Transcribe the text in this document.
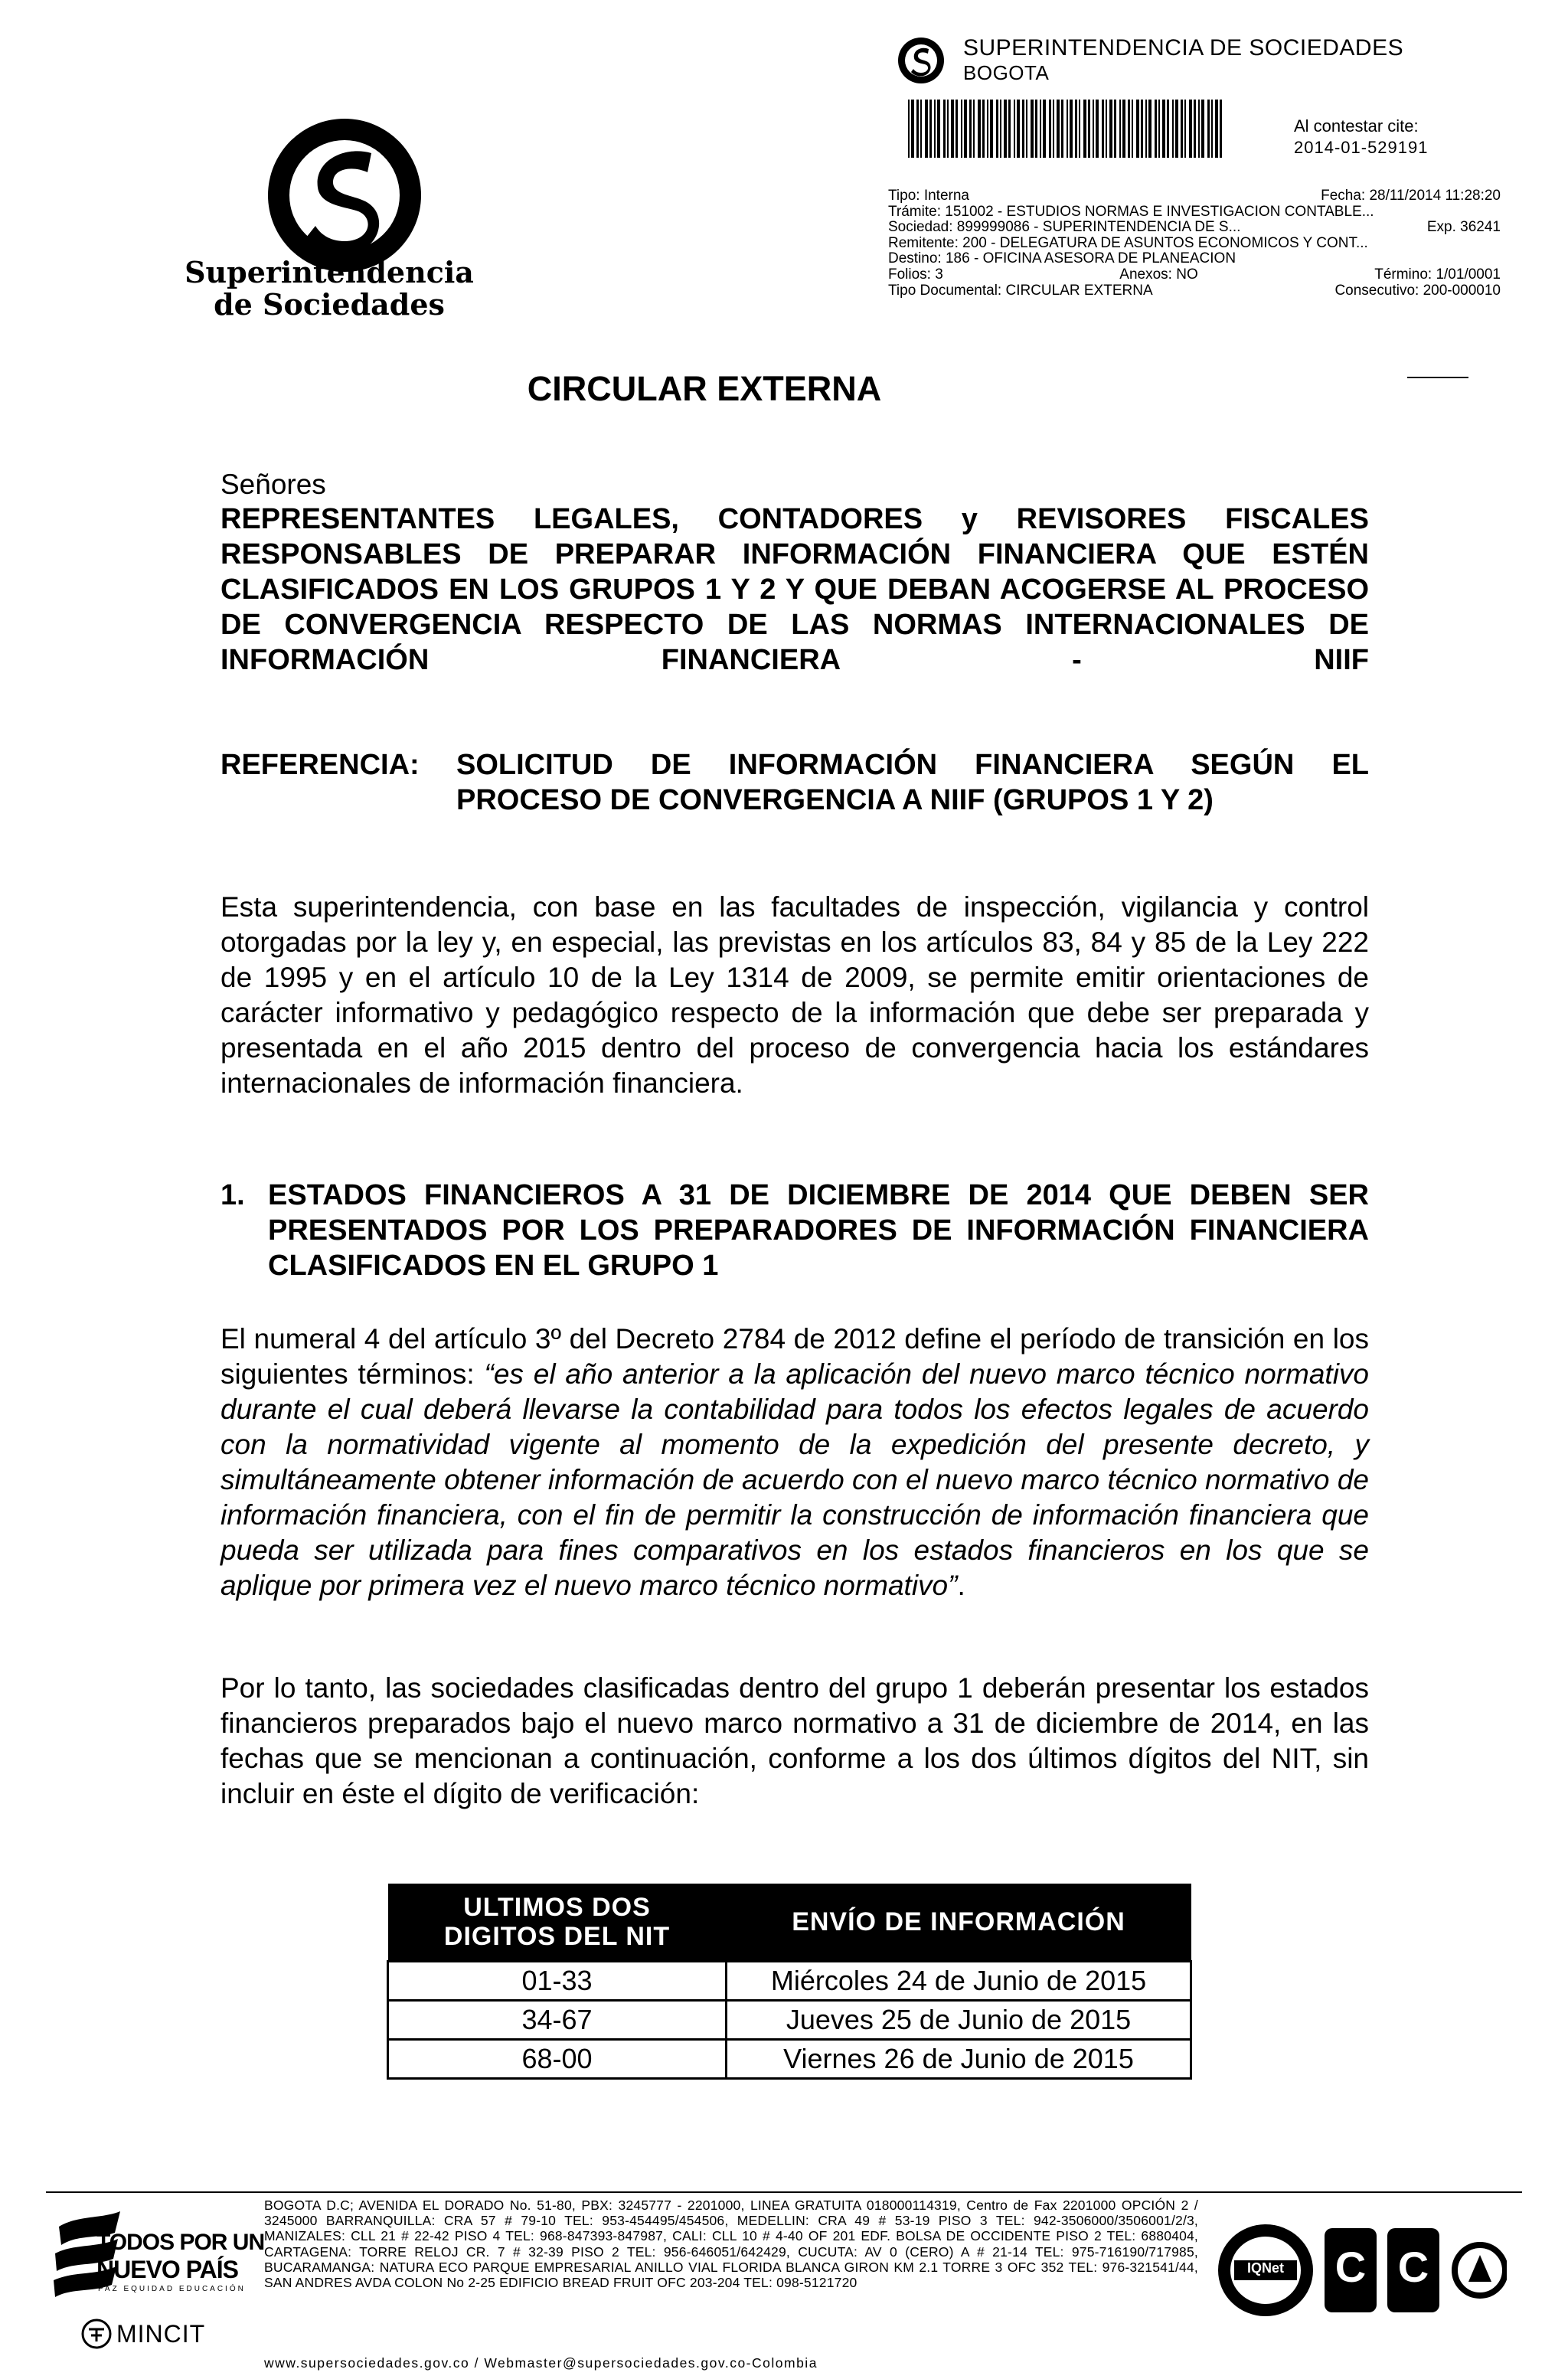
Superintendencia
de Sociedades
SUPERINTENDENCIA DE SOCIEDADES
BOGOTA
Al contestar cite:
2014-01-529191
Tipo: Interna	Fecha: 28/11/2014 11:28:20
Trámite: 151002 - ESTUDIOS NORMAS E INVESTIGACION CONTABLE...
Sociedad: 899999086 - SUPERINTENDENCIA DE S...	Exp. 36241
Remitente: 200 - DELEGATURA DE ASUNTOS ECONOMICOS Y CONT...
Destino: 186 - OFICINA ASESORA DE PLANEACION
Folios: 3	Anexos: NO	Término: 1/01/0001
Tipo Documental: CIRCULAR EXTERNA	Consecutivo: 200-000010
CIRCULAR EXTERNA
Señores

REPRESENTANTES LEGALES, CONTADORES y REVISORES FISCALES RESPONSABLES DE PREPARAR INFORMACIÓN FINANCIERA QUE ESTÉN CLASIFICADOS EN LOS GRUPOS 1 Y 2 Y QUE DEBAN ACOGERSE AL PROCESO DE CONVERGENCIA RESPECTO DE LAS NORMAS INTERNACIONALES DE INFORMACIÓN FINANCIERA - NIIF

REFERENCIA:	SOLICITUD DE INFORMACIÓN FINANCIERA SEGÚN EL PROCESO DE CONVERGENCIA A NIIF (GRUPOS 1 Y 2)

Esta superintendencia, con base en las facultades de inspección, vigilancia y control otorgadas por la ley y, en especial, las previstas en los artículos 83, 84 y 85 de la Ley 222 de 1995 y en el artículo 10 de la Ley 1314 de 2009, se permite emitir orientaciones de carácter informativo y pedagógico respecto de la información que debe ser preparada y presentada en el año 2015 dentro del proceso de convergencia hacia los estándares internacionales de información financiera.

1. ESTADOS FINANCIEROS A 31 DE DICIEMBRE DE 2014 QUE DEBEN SER PRESENTADOS POR LOS PREPARADORES DE INFORMACIÓN FINANCIERA CLASIFICADOS EN EL GRUPO 1

El numeral 4 del artículo 3º del Decreto 2784 de 2012 define el período de transición en los siguientes términos: “es el año anterior a la aplicación del nuevo marco técnico normativo durante el cual deberá llevarse la contabilidad para todos los efectos legales de acuerdo con la normatividad vigente al momento de la expedición del presente decreto, y simultáneamente obtener información de acuerdo con el nuevo marco técnico normativo de información financiera, con el fin de permitir la construcción de información financiera que pueda ser utilizada para fines comparativos en los estados financieros en los que se aplique por primera vez el nuevo marco técnico normativo”.

Por lo tanto, las sociedades clasificadas dentro del grupo 1 deberán presentar los estados financieros preparados bajo el nuevo marco normativo a 31 de diciembre de 2014, en las fechas que se mencionan a continuación, conforme a los dos últimos dígitos del NIT, sin incluir en éste el dígito de verificación:

ULTIMOS DOS
DIGITOS DEL NIT	ENVÍO DE INFORMACIÓN
01-33	Miércoles 24 de Junio de 2015
34-67	Jueves 25 de Junio de 2015
68-00	Viernes 26 de Junio de 2015
TODOS POR UN
NUEVO PAÍS
PAZ EQUIDAD EDUCACIÓN
MINCIT
BOGOTA D.C; AVENIDA EL DORADO No. 51-80, PBX: 3245777 - 2201000, LINEA GRATUITA 018000114319, Centro de Fax 2201000 OPCIÓN 2 / 3245000 BARRANQUILLA: CRA 57 # 79-10 TEL: 953-454495/454506, MEDELLIN: CRA 49 # 53-19 PISO 3 TEL: 942-3506000/3506001/2/3, MANIZALES: CLL 21 # 22-42 PISO 4 TEL: 968-847393-847987, CALI: CLL 10 # 4-40 OF 201 EDF. BOLSA DE OCCIDENTE PISO 2 TEL: 6880404, CARTAGENA: TORRE RELOJ CR. 7 # 32-39 PISO 2 TEL: 956-646051/642429, CUCUTA: AV 0 (CERO) A # 21-14 TEL: 975-716190/717985, BUCARAMANGA: NATURA ECO PARQUE EMPRESARIAL ANILLO VIAL FLORIDA BLANCA GIRON KM 2.1 TORRE 3 OFC 352 TEL: 976-321541/44, SAN ANDRES AVDA COLON No 2-25 EDIFICIO BREAD FRUIT OFC 203-204 TEL: 098-5121720
www.supersociedades.gov.co / Webmaster@supersociedades.gov.co-Colombia
IQNet C C
